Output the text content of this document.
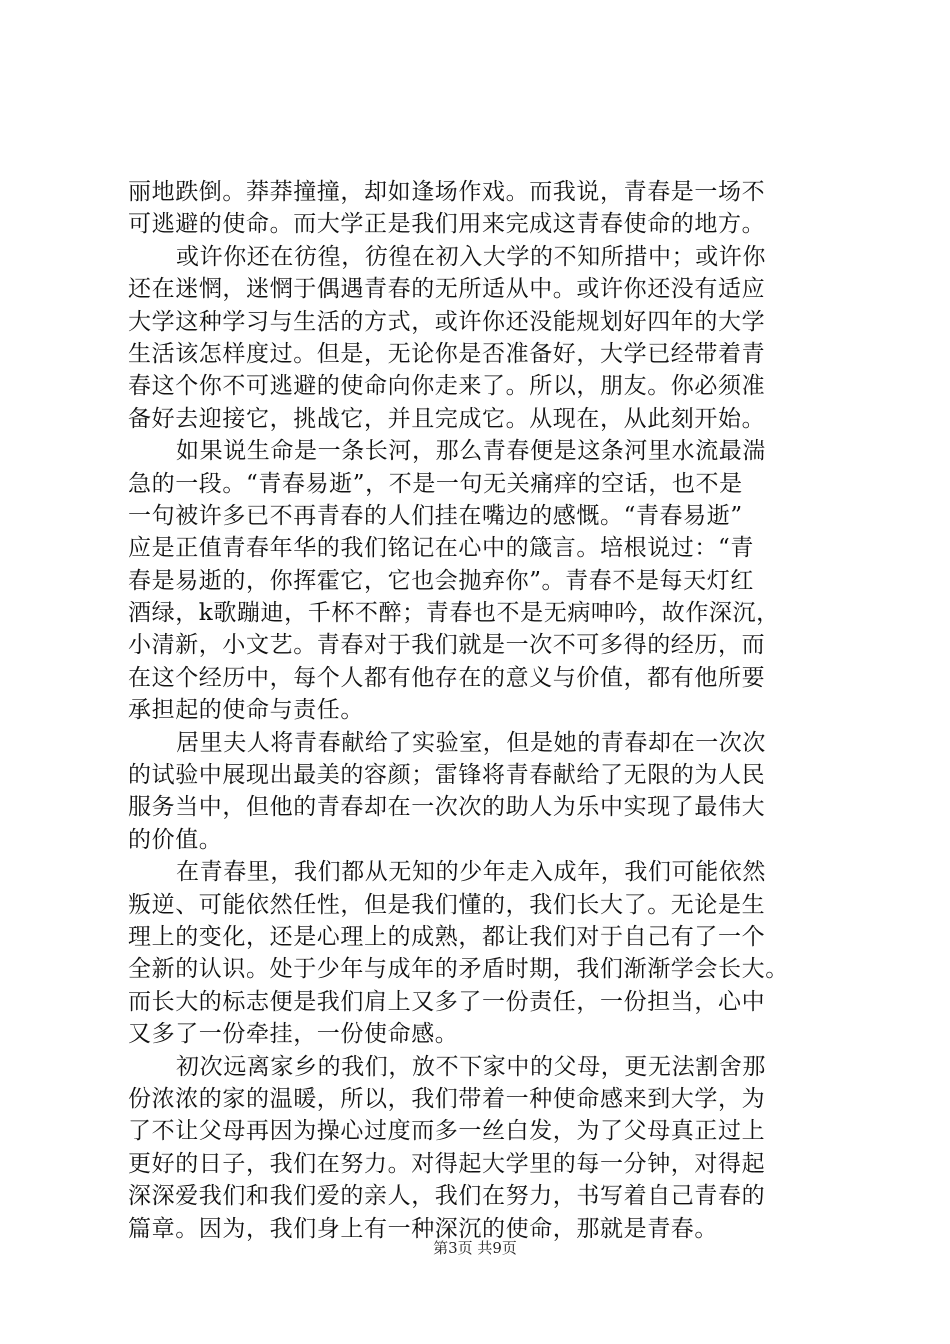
丽地跌倒。莽莽撞撞，却如逢场作戏。而我说，青春是一场不
可逃避的使命。而大学正是我们用来完成这青春使命的地方。
或许你还在彷徨，彷徨在初入大学的不知所措中；或许你
还在迷惘，迷惘于偶遇青春的无所适从中。或许你还没有适应
大学这种学习与生活的方式，或许你还没能规划好四年的大学
生活该怎样度过。但是，无论你是否准备好，大学已经带着青
春这个你不可逃避的使命向你走来了。所以，朋友。你必须准
备好去迎接它，挑战它，并且完成它。从现在，从此刻开始。
如果说生命是一条长河，那么青春便是这条河里水流最湍
急的一段。“青春易逝”，不是一句无关痛痒的空话，也不是
一句被许多已不再青春的人们挂在嘴边的感慨。“青春易逝”
应是正值青春年华的我们铭记在心中的箴言。培根说过：“青
春是易逝的，你挥霍它，它也会抛弃你”。青春不是每天灯红
酒绿，k歌蹦迪，千杯不醉；青春也不是无病呻吟，故作深沉，
小清新，小文艺。青春对于我们就是一次不可多得的经历，而
在这个经历中，每个人都有他存在的意义与价值，都有他所要
承担起的使命与责任。
居里夫人将青春献给了实验室，但是她的青春却在一次次
的试验中展现出最美的容颜；雷锋将青春献给了无限的为人民
服务当中，但他的青春却在一次次的助人为乐中实现了最伟大
的价值。
在青春里，我们都从无知的少年走入成年，我们可能依然
叛逆、可能依然任性，但是我们懂的，我们长大了。无论是生
理上的变化，还是心理上的成熟，都让我们对于自己有了一个
全新的认识。处于少年与成年的矛盾时期，我们渐渐学会长大。
而长大的标志便是我们肩上又多了一份责任，一份担当，心中
又多了一份牵挂，一份使命感。
初次远离家乡的我们，放不下家中的父母，更无法割舍那
份浓浓的家的温暖，所以，我们带着一种使命感来到大学，为
了不让父母再因为操心过度而多一丝白发，为了父母真正过上
更好的日子，我们在努力。对得起大学里的每一分钟，对得起
深深爱我们和我们爱的亲人，我们在努力，书写着自己青春的
篇章。因为，我们身上有一种深沉的使命，那就是青春。
第3页 共9页
